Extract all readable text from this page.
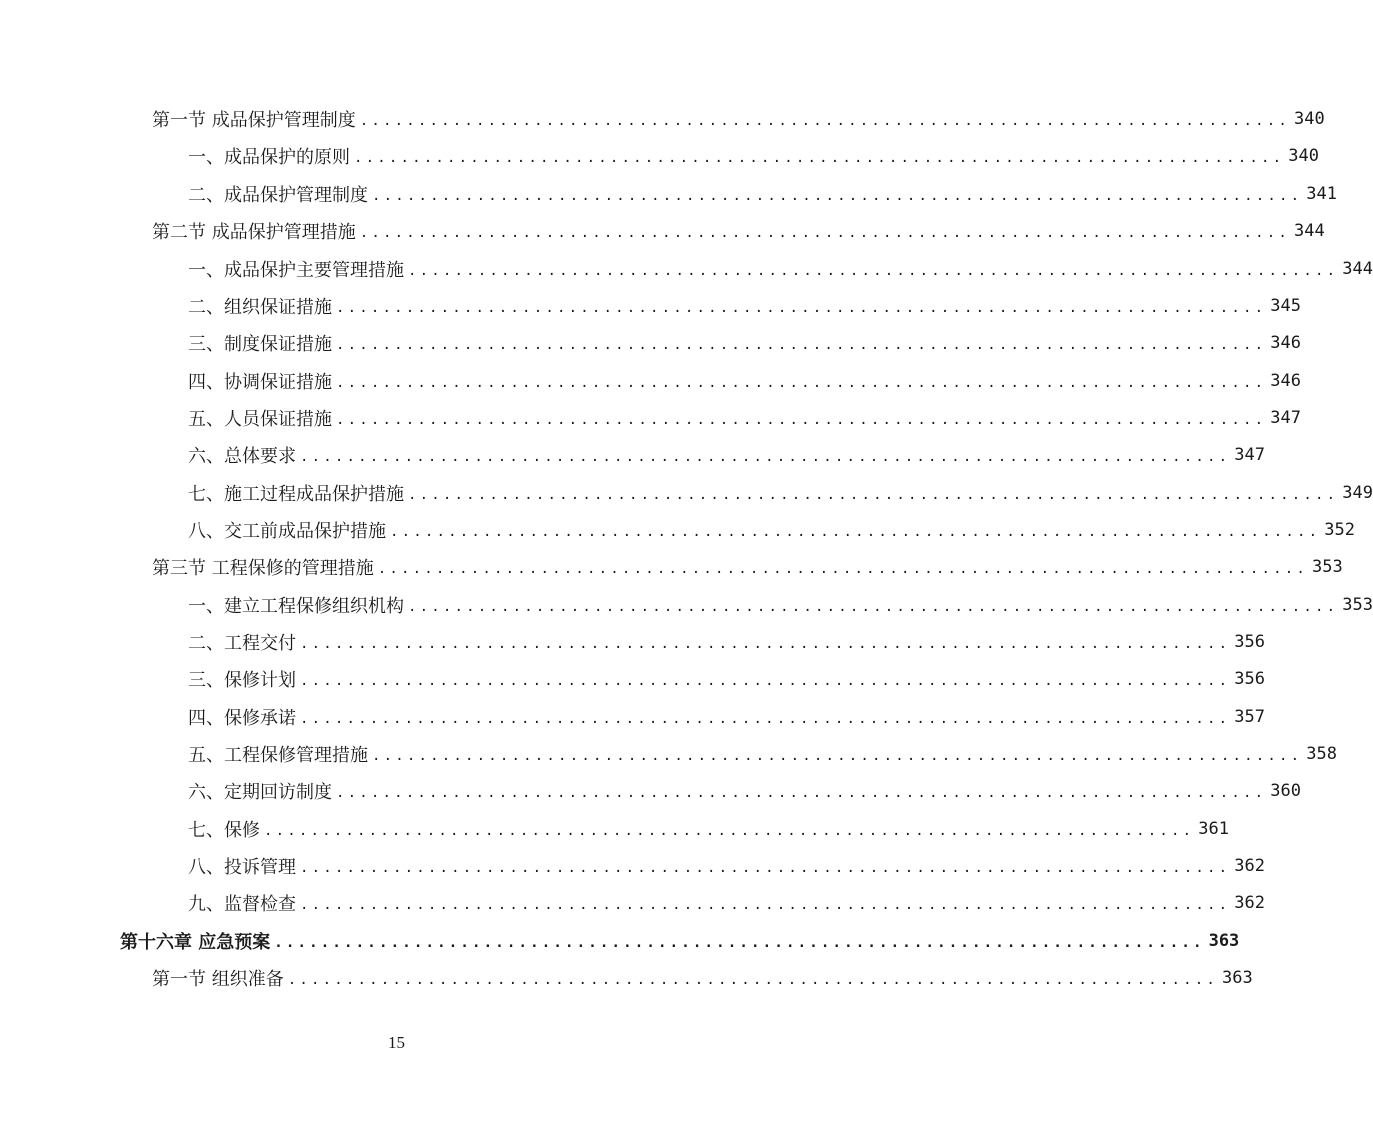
第一节 成品保护管理制度 ................................................................................ 340
一、成品保护的原则 ................................................................................ 340
二、成品保护管理制度 ................................................................................ 341
第二节 成品保护管理措施 ................................................................................ 344
一、成品保护主要管理措施 ................................................................................ 344
二、组织保证措施 ................................................................................ 345
三、制度保证措施 ................................................................................ 346
四、协调保证措施 ................................................................................ 346
五、人员保证措施 ................................................................................ 347
六、总体要求 ................................................................................ 347
七、施工过程成品保护措施 ................................................................................ 349
八、交工前成品保护措施 ................................................................................ 352
第三节 工程保修的管理措施 ................................................................................ 353
一、建立工程保修组织机构 ................................................................................ 353
二、工程交付 ................................................................................ 356
三、保修计划 ................................................................................ 356
四、保修承诺 ................................................................................ 357
五、工程保修管理措施 ................................................................................ 358
六、定期回访制度 ................................................................................ 360
七、保修 ................................................................................ 361
八、投诉管理 ................................................................................ 362
九、监督检查 ................................................................................ 362
第十六章 应急预案 ................................................................................ 363
第一节 组织准备 ................................................................................ 363
15
